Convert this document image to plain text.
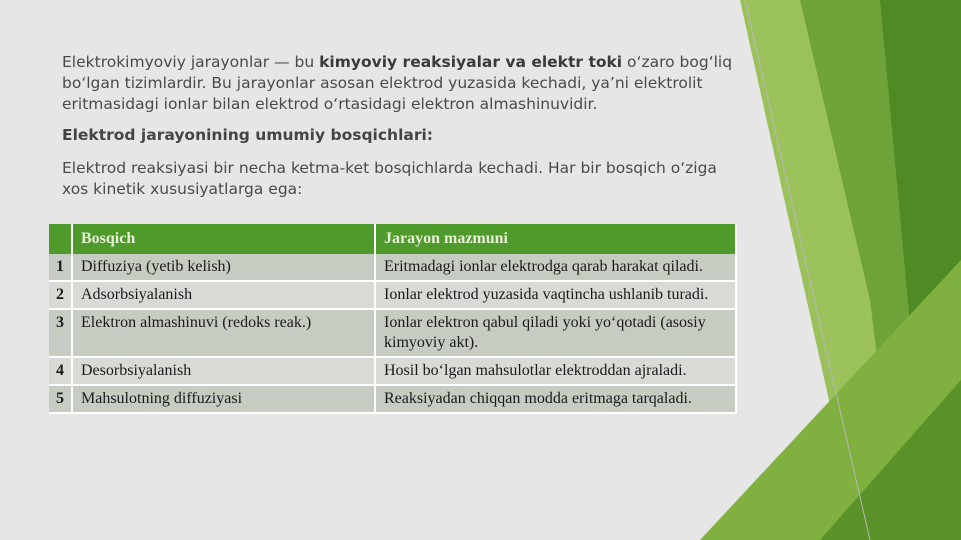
Elektrokimyoviy jarayonlar — bu kimyoviy reaksiyalar va elektr toki o‘zaro bog‘liq bo‘lgan tizimlardir. Bu jarayonlar asosan elektrod yuzasida kechadi, ya’ni elektrolit eritmasidagi ionlar bilan elektrod o‘rtasidagi elektron almashinuvidir.

Elektrod jarayonining umumiy bosqichlari:

Elektrod reaksiyasi bir necha ketma-ket bosqichlarda kechadi. Har bir bosqich o‘ziga xos kinetik xususiyatlarga ega:

	Bosqich	Jarayon mazmuni
1	Diffuziya (yetib kelish)	Eritmadagi ionlar elektrodga qarab harakat qiladi.
2	Adsorbsiyalanish	Ionlar elektrod yuzasida vaqtincha ushlanib turadi.
3	Elektron almashinuvi (redoks reak.)	Ionlar elektron qabul qiladi yoki yo‘qotadi (asosiy kimyoviy akt).
4	Desorbsiyalanish	Hosil bo‘lgan mahsulotlar elektroddan ajraladi.
5	Mahsulotning diffuziyasi	Reaksiyadan chiqqan modda eritmaga tarqaladi.
